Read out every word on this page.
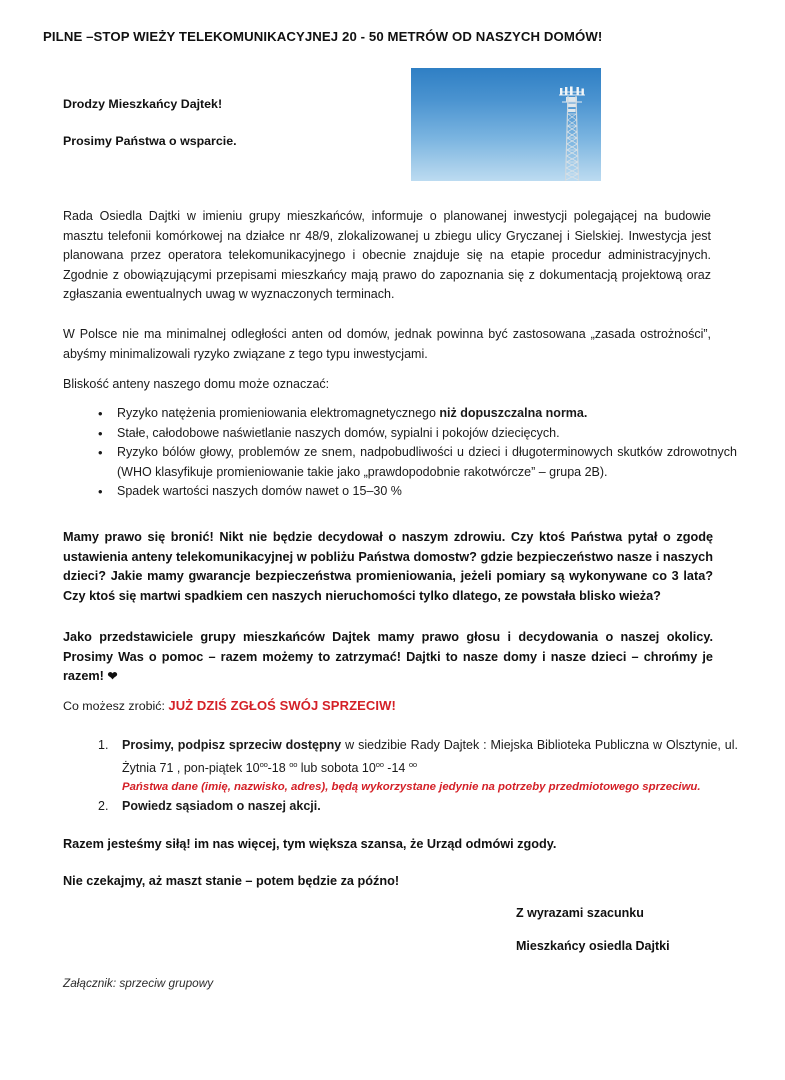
PILNE –STOP WIEŻY TELEKOMUNIKACYJNEJ 20 - 50 METRÓW OD NASZYCH DOMÓW!
Drodzy Mieszkańcy Dajtek!
Prosimy Państwa o wsparcie.
Rada Osiedla Dajtki w imieniu grupy mieszkańców, informuje o planowanej inwestycji polegającej na budowie masztu telefonii komórkowej na działce nr 48/9, zlokalizowanej u zbiegu ulicy Gryczanej i Sielskiej. Inwestycja jest planowana przez operatora telekomunikacyjnego i obecnie znajduje się na etapie procedur administracyjnych. Zgodnie z obowiązującymi przepisami mieszkańcy mają prawo do zapoznania się z dokumentacją projektową oraz zgłaszania ewentualnych uwag w wyznaczonych terminach.
W Polsce nie ma minimalnej odległości anten od domów, jednak powinna być zastosowana „zasada ostrożności”, abyśmy minimalizowali ryzyko związane z tego typu inwestycjami.
Bliskość anteny naszego domu może oznaczać:
• Ryzyko natężenia promieniowania elektromagnetycznego niż dopuszczalna norma.
• Stałe, całodobowe naświetlanie naszych domów, sypialni i pokojów dziecięcych.
• Ryzyko bólów głowy, problemów ze snem, nadpobudliwości u dzieci i długoterminowych skutków zdrowotnych (WHO klasyfikuje promieniowanie takie jako „prawdopodobnie rakotwórcze” – grupa 2B).
• Spadek wartości naszych domów nawet o 15–30 %
Mamy prawo się bronić! Nikt nie będzie decydował o naszym zdrowiu. Czy ktoś Państwa pytał o zgodę ustawienia anteny telekomunikacyjnej w pobliżu Państwa domostw? gdzie bezpieczeństwo nasze i naszych dzieci? Jakie mamy gwarancje bezpieczeństwa promieniowania, jeżeli pomiary są wykonywane co 3 lata? Czy ktoś się martwi spadkiem cen naszych nieruchomości tylko dlatego, ze powstała blisko wieża?
Jako przedstawiciele grupy mieszkańców Dajtek mamy prawo głosu i decydowania o naszej okolicy. Prosimy Was o pomoc – razem możemy to zatrzymać! Dajtki to nasze domy i nasze dzieci – chrońmy je razem! ❤
Co możesz zrobić: JUŻ DZIŚ ZGŁOŚ SWÓJ SPRZECIW!
Prosimy, podpisz sprzeciw dostępny w siedzibie Rady Dajtek : Miejska Biblioteka Publiczna w Olsztynie, ul. Żytnia 71 , pon-piątek $10^{oo}-18$ $^{oo}$ lub sobota $10^{oo}$ -14 $^{oo}$
Państwa dane (imię, nazwisko, adres), będą wykorzystane jedynie na potrzeby przedmiotowego sprzeciwu.
Powiedz sąsiadom o naszej akcji.
Razem jesteśmy siłą! im nas więcej, tym większa szansa, że Urząd odmówi zgody.
Nie czekajmy, aż maszt stanie – potem będzie za późno!
Z wyrazami szacunku
Mieszkańcy osiedla Dajtki
Załącznik: sprzeciw grupowy
